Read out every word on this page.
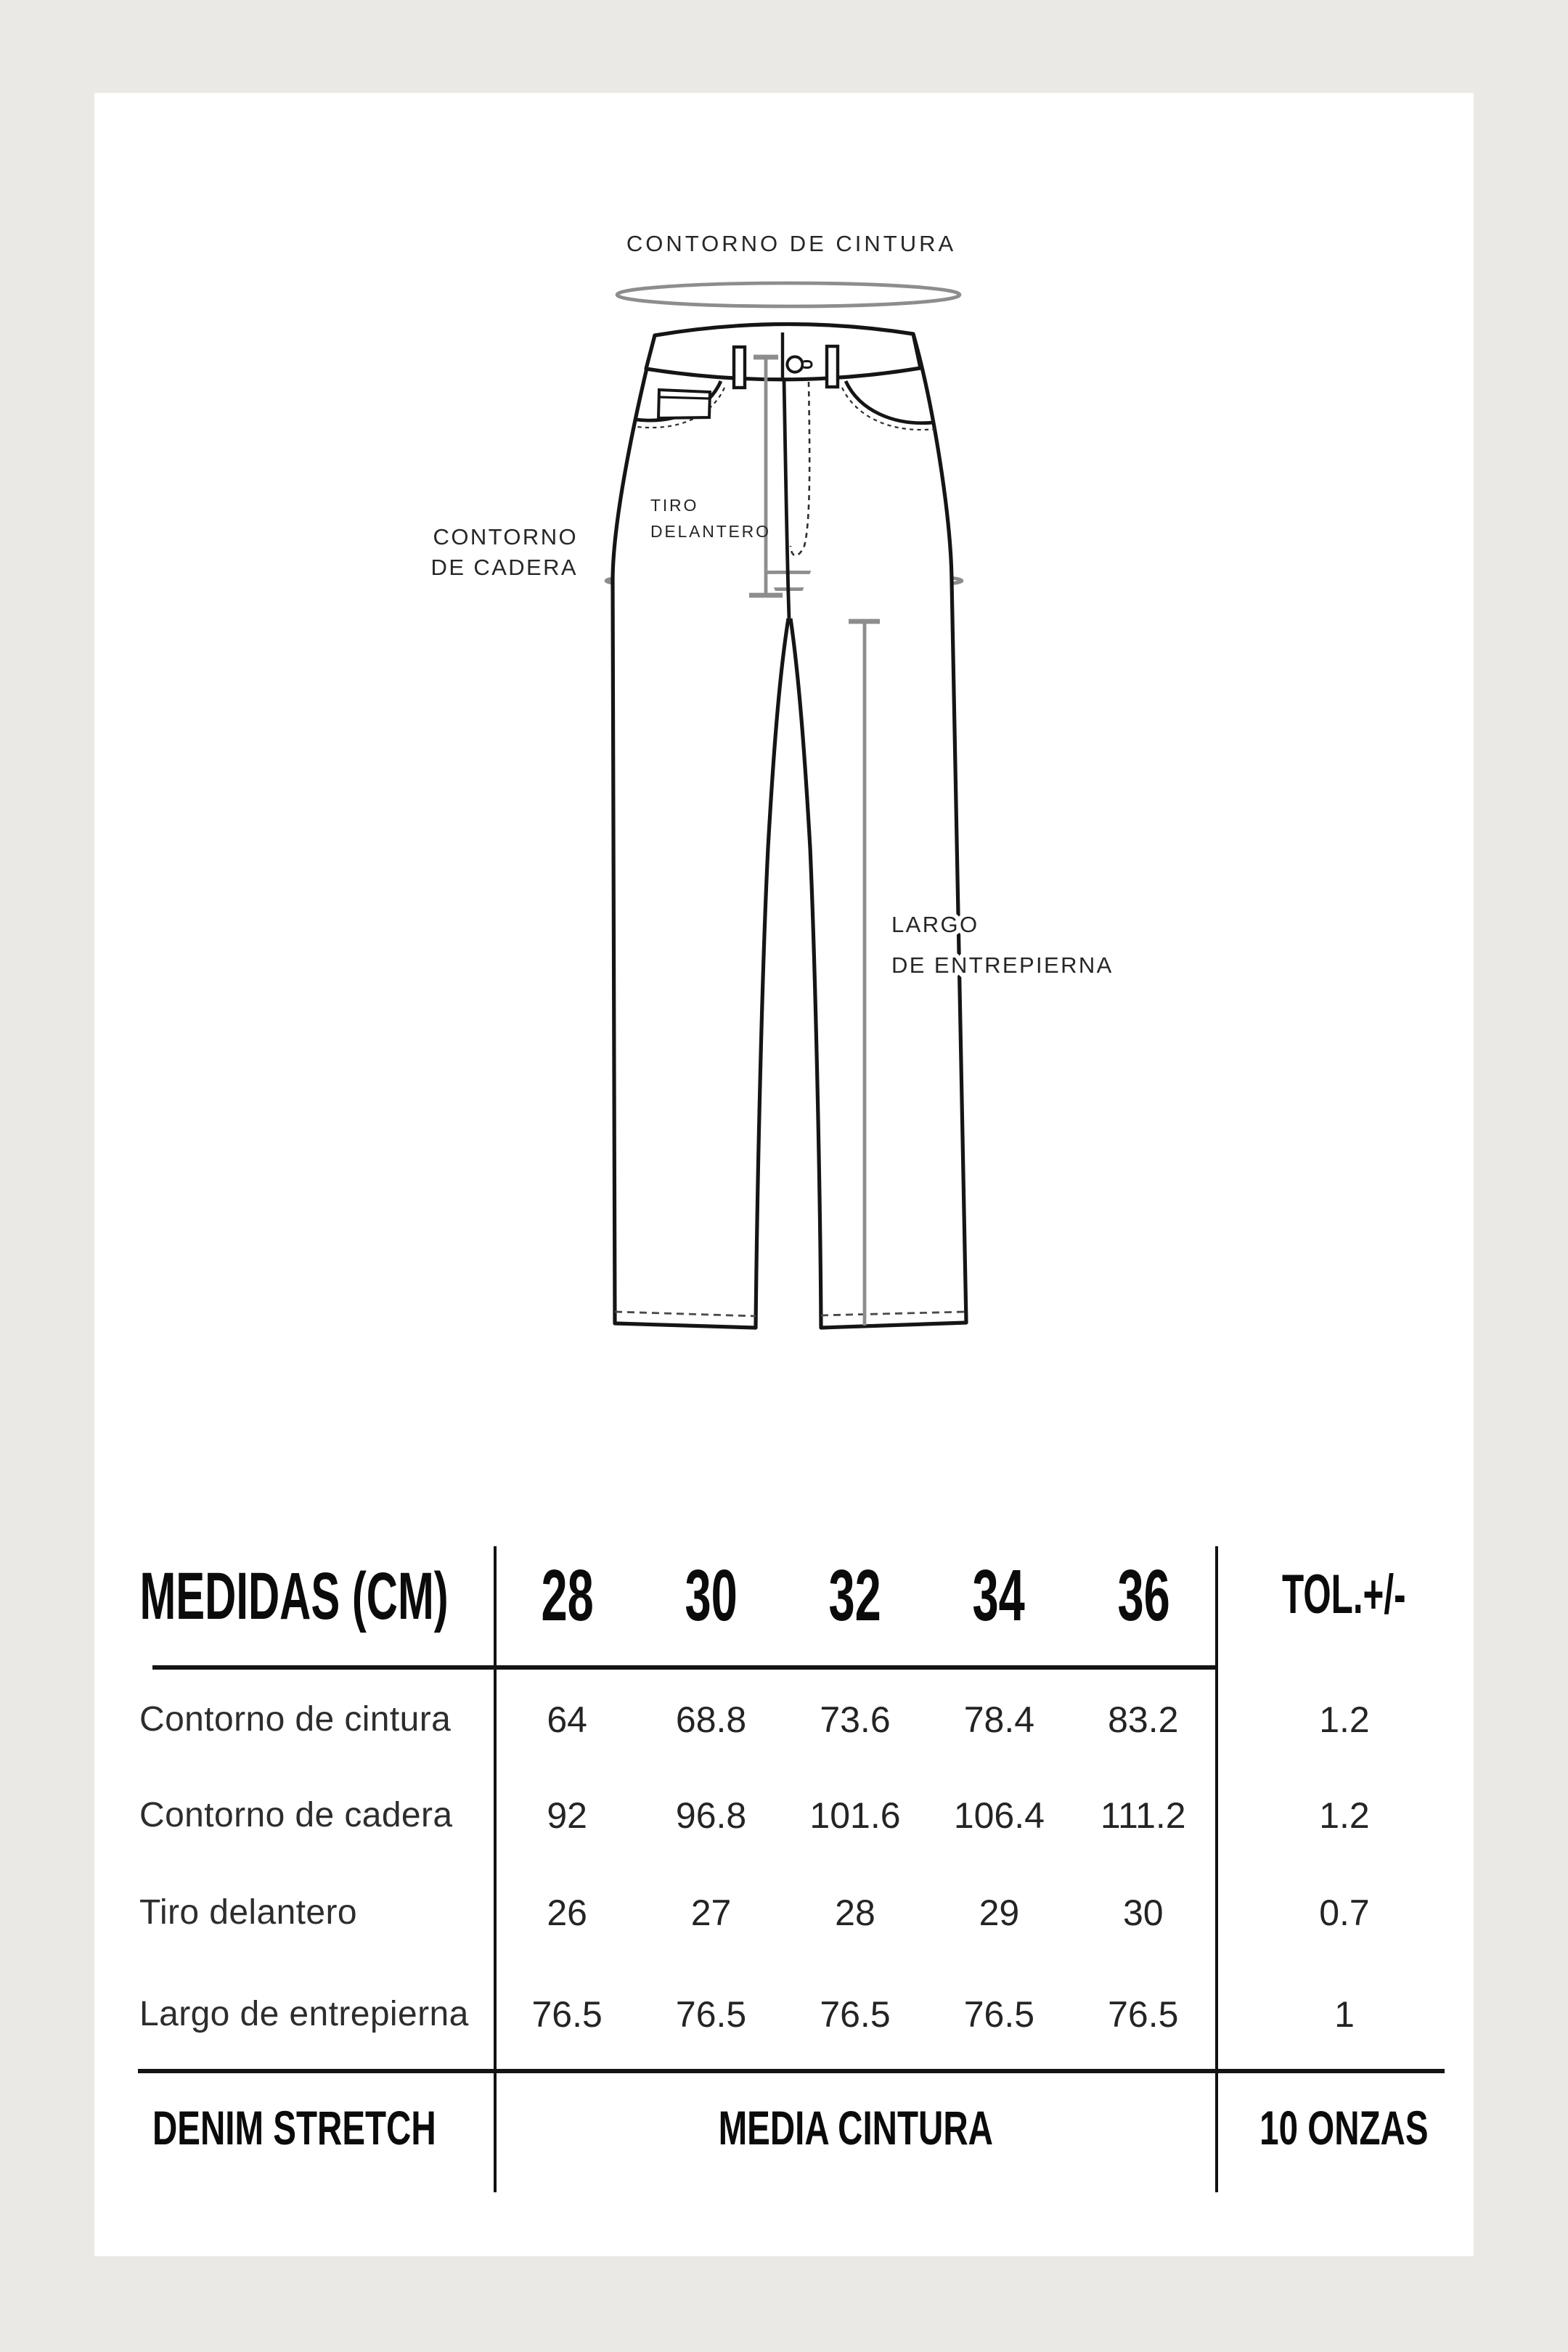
CONTORNO DE CINTURA
TIRO
DELANTERO
CONTORNO
DE CADERA
LARGO
DE ENTREPIERNA
MEDIDAS (CM)	28	30	32	34	36	TOL.+/-
Contorno de cintura	64	68.8	73.6	78.4	83.2	1.2
Contorno de cadera	92	96.8	101.6	106.4	111.2	1.2
Tiro delantero	26	27	28	29	30	0.7
Largo de entrepierna	76.5	76.5	76.5	76.5	76.5	1
DENIM STRETCH	MEDIA CINTURA	10 ONZAS
